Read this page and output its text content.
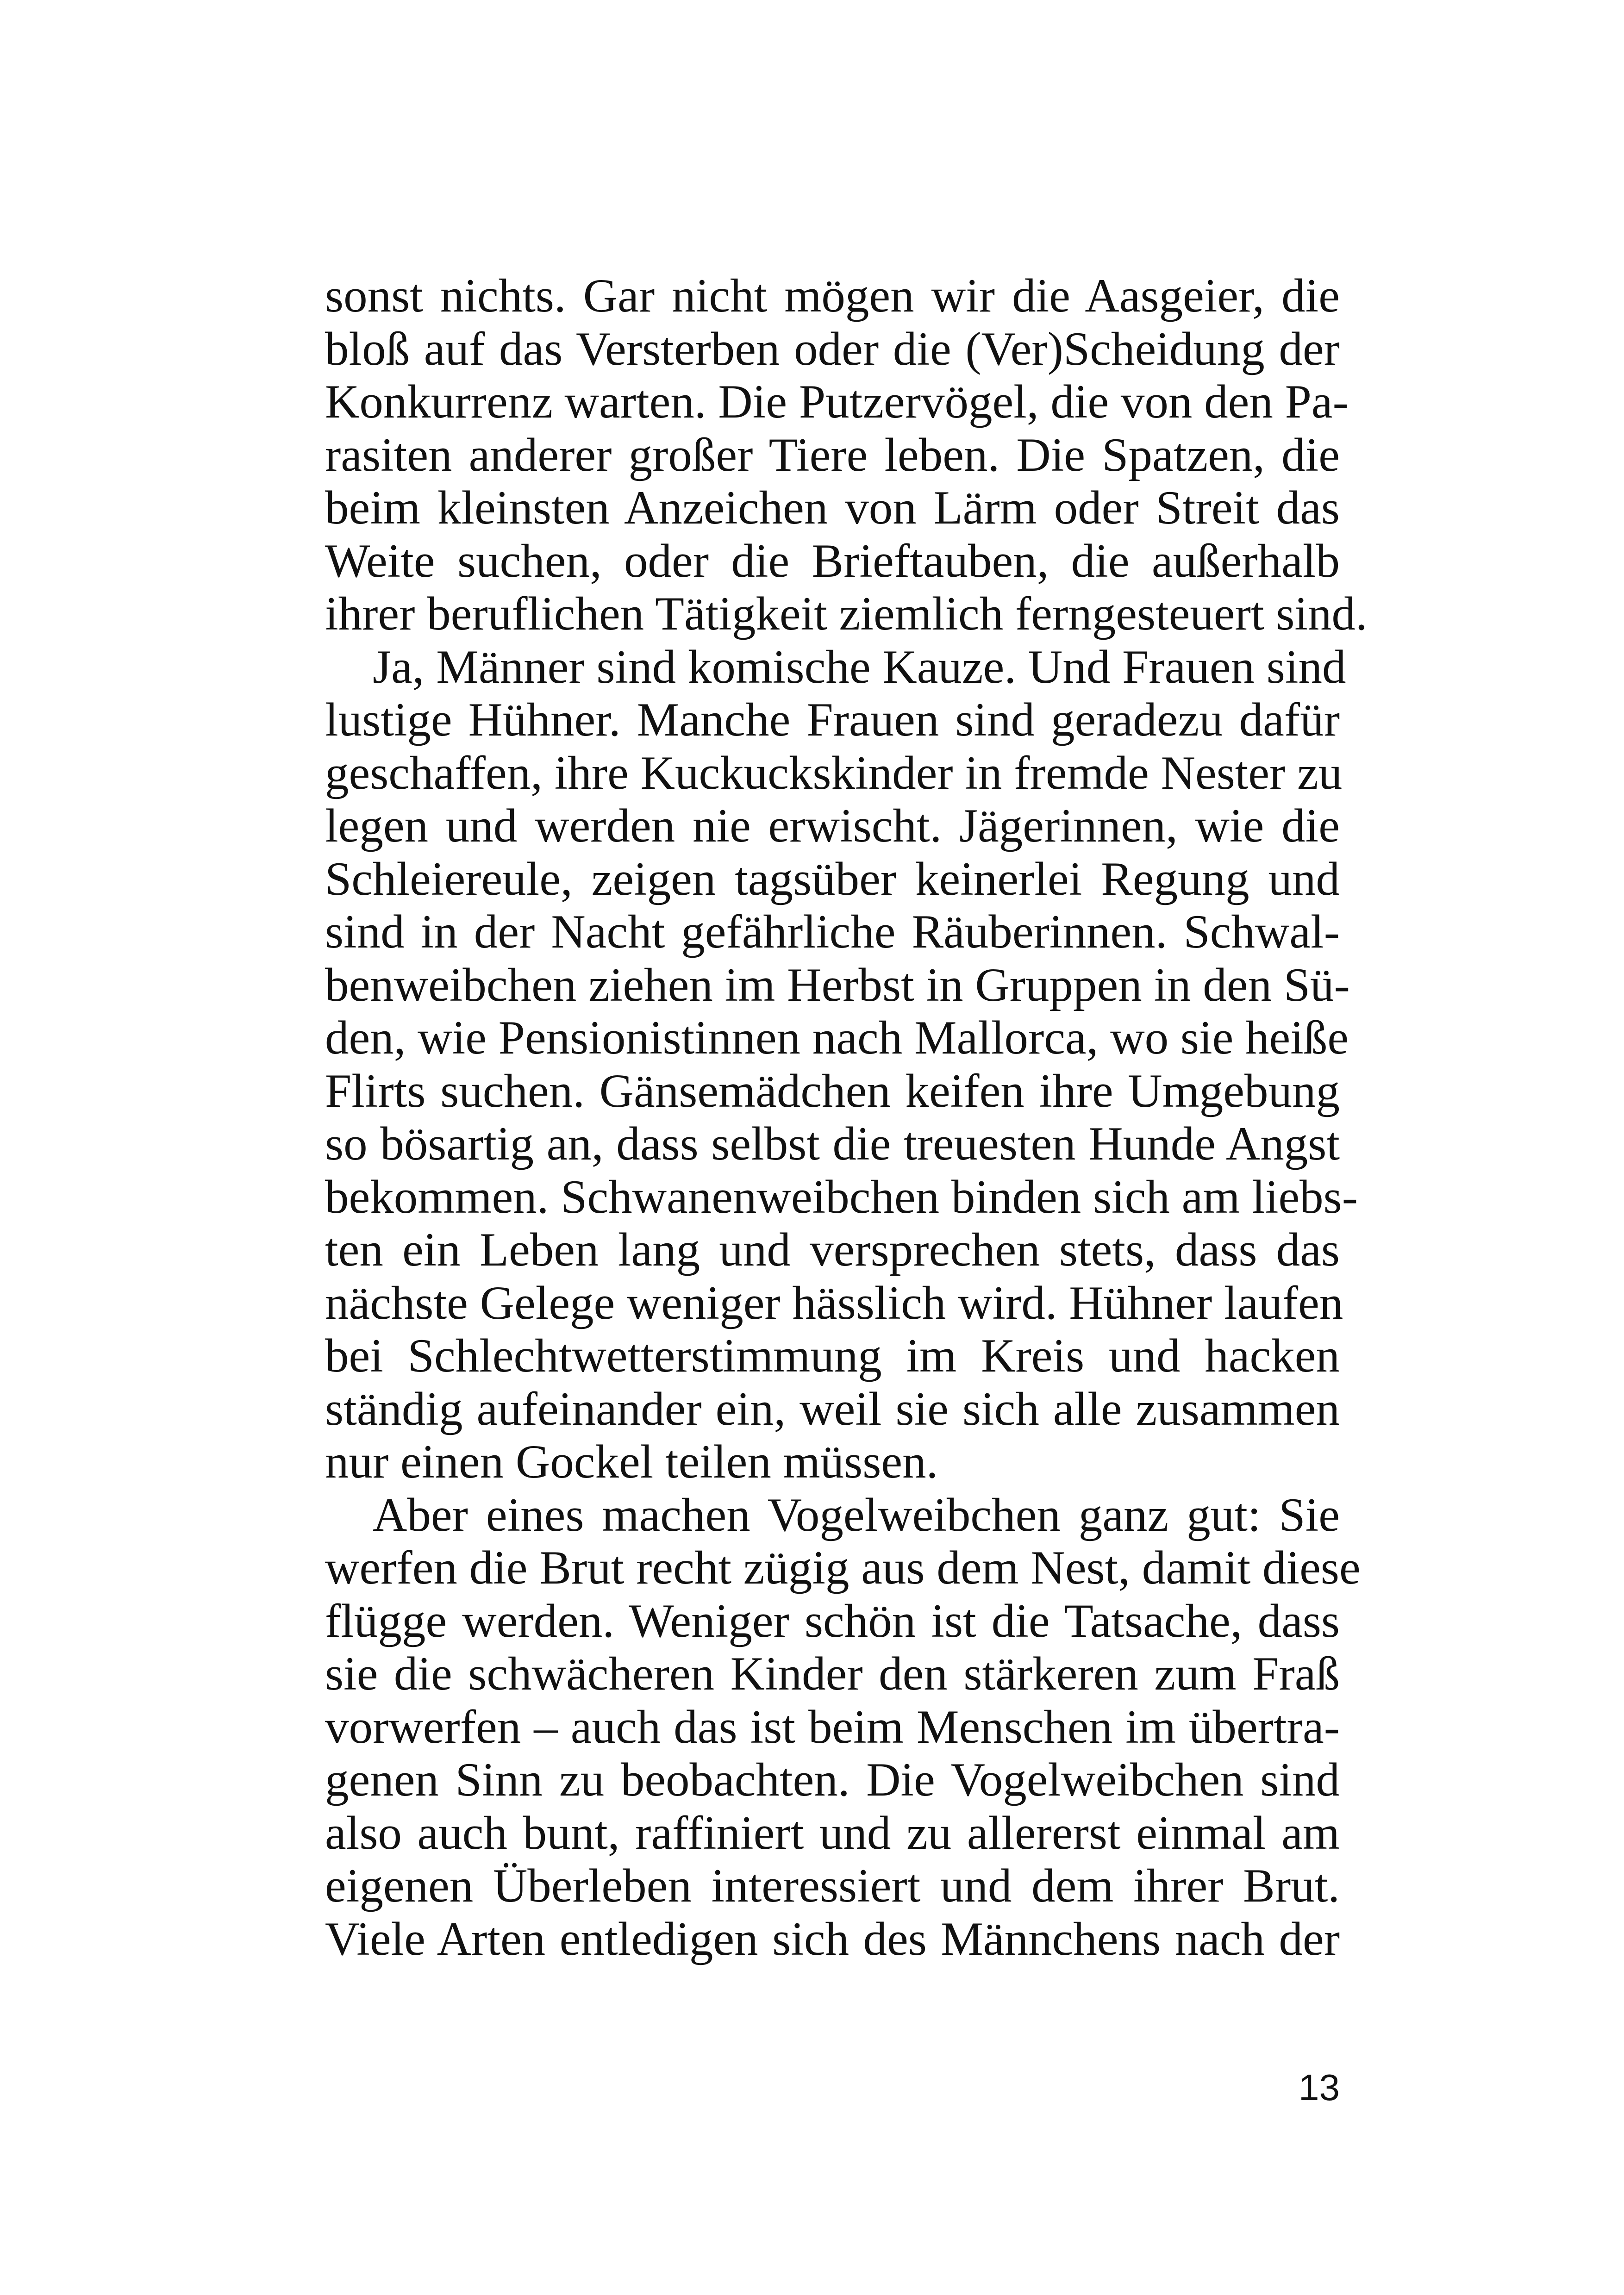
sonst nichts. Gar nicht mögen wir die Aasgeier, die
bloß auf das Versterben oder die (Ver)Scheidung der
Konkurrenz warten. Die Putzervögel, die von den Pa-
rasiten anderer großer Tiere leben. Die Spatzen, die
beim kleinsten Anzeichen von Lärm oder Streit das
Weite suchen, oder die Brieftauben, die außerhalb
ihrer beruflichen Tätigkeit ziemlich ferngesteuert sind.
Ja, Männer sind komische Kauze. Und Frauen sind
lustige Hühner. Manche Frauen sind geradezu dafür
geschaffen, ihre Kuckuckskinder in fremde Nester zu
legen und werden nie erwischt. Jägerinnen, wie die
Schleiereule, zeigen tagsüber keinerlei Regung und
sind in der Nacht gefährliche Räuberinnen. Schwal-
benweibchen ziehen im Herbst in Gruppen in den Sü-
den, wie Pensionistinnen nach Mallorca, wo sie heiße
Flirts suchen. Gänsemädchen keifen ihre Umgebung
so bösartig an, dass selbst die treuesten Hunde Angst
bekommen. Schwanenweibchen binden sich am liebs-
ten ein Leben lang und versprechen stets, dass das
nächste Gelege weniger hässlich wird. Hühner laufen
bei Schlechtwetterstimmung im Kreis und hacken
ständig aufeinander ein, weil sie sich alle zusammen
nur einen Gockel teilen müssen.
Aber eines machen Vogelweibchen ganz gut: Sie
werfen die Brut recht zügig aus dem Nest, damit diese
flügge werden. Weniger schön ist die Tatsache, dass
sie die schwächeren Kinder den stärkeren zum Fraß
vorwerfen – auch das ist beim Menschen im übertra-
genen Sinn zu beobachten. Die Vogelweibchen sind
also auch bunt, raffiniert und zu allererst einmal am
eigenen Überleben interessiert und dem ihrer Brut.
Viele Arten entledigen sich des Männchens nach der
13
